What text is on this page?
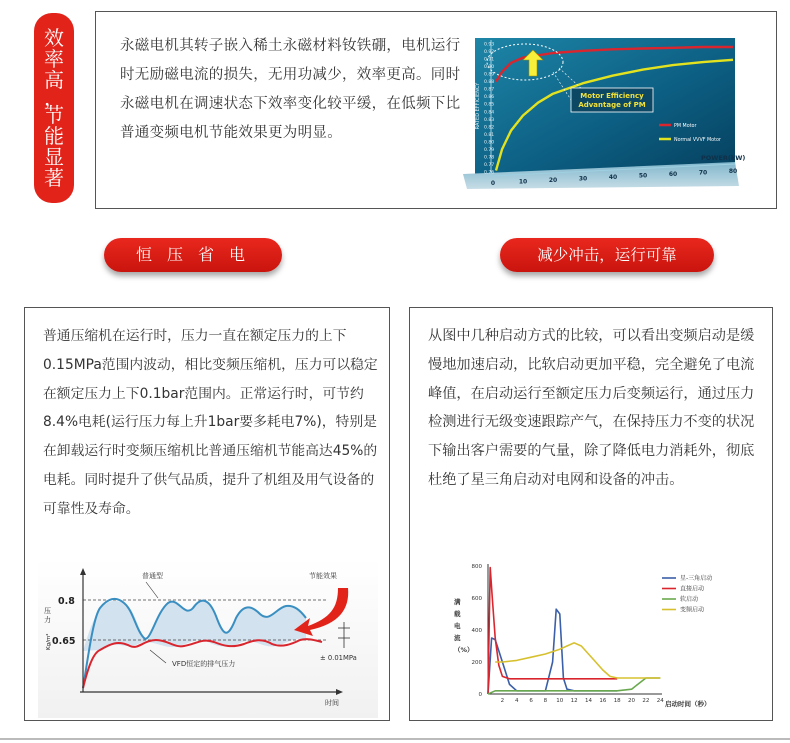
效
率
高
，
节
能
显
著

永磁电机其转子嵌入稀土永磁材料钕铁硼，电机运行时无励磁电流的损失，无用功减少，效率更高。同时永磁电机在调速状态下效率变化较平缓，在低频下比普通变频电机节能效果更为明显。

0.93
0.92
0.91
0.90
0.89
0.88
0.87
0.86
0.85
0.84
0.83
0.82
0.81
0.80
0.79
0.78
0.77
0.76
0	10	20	30	40	50	60	70	80
RATED EFFICIENCY
POWER(kW)
Motor Efficiency
Advantage of PM
PM Motor
Normal VVVF Motor
恒压省电	减少冲击，运行可靠

普通压缩机在运行时，压力一直在额定压力的上下0.15MPa范围内波动，相比变频压缩机，压力可以稳定在额定压力上下0.1bar范围内。正常运行时，可节约8.4%电耗(运行压力每上升1bar要多耗电7%)，特别是在卸载运行时变频压缩机比普通压缩机节能高达45%的电耗。同时提升了供气品质，提升了机组及用气设备的可靠性及寿命。

0.8
0.65
压 力
Kg/m²
普通型	节能效果
VFD恒定的排气压力
± 0.01MPa
时间

从图中几种启动方式的比较，可以看出变频启动是缓慢地加速启动，比软启动更加平稳，完全避免了电流峰值，在启动运行至额定压力后变频运行，通过压力检测进行无级变速跟踪产气，在保持压力不变的状况下输出客户需要的气量，除了降低电力消耗外，彻底杜绝了星三角启动对电网和设备的冲击。

800
600
400
200
0
2 4 6 8 10 12 14 16 18 20 22 24
满
载
电
流
（%）
启动时间（秒）
星-三角启动
直接启动
软启动
变频启动
